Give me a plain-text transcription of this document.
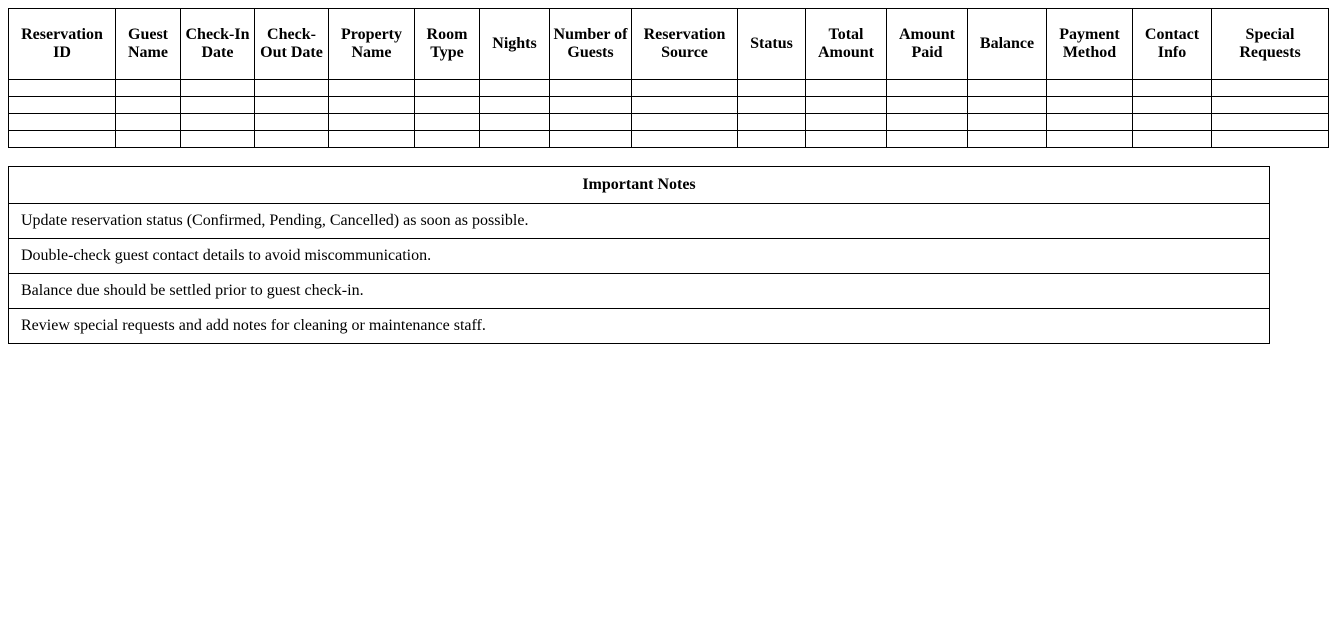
Reservation ID	Guest Name	Check-In Date	Check-Out Date	Property Name	Room Type	Nights	Number of Guests	Reservation Source	Status	Total Amount	Amount Paid	Balance	Payment Method	Contact Info	Special Requests

Important Notes
Update reservation status (Confirmed, Pending, Cancelled) as soon as possible.
Double-check guest contact details to avoid miscommunication.
Balance due should be settled prior to guest check-in.
Review special requests and add notes for cleaning or maintenance staff.
